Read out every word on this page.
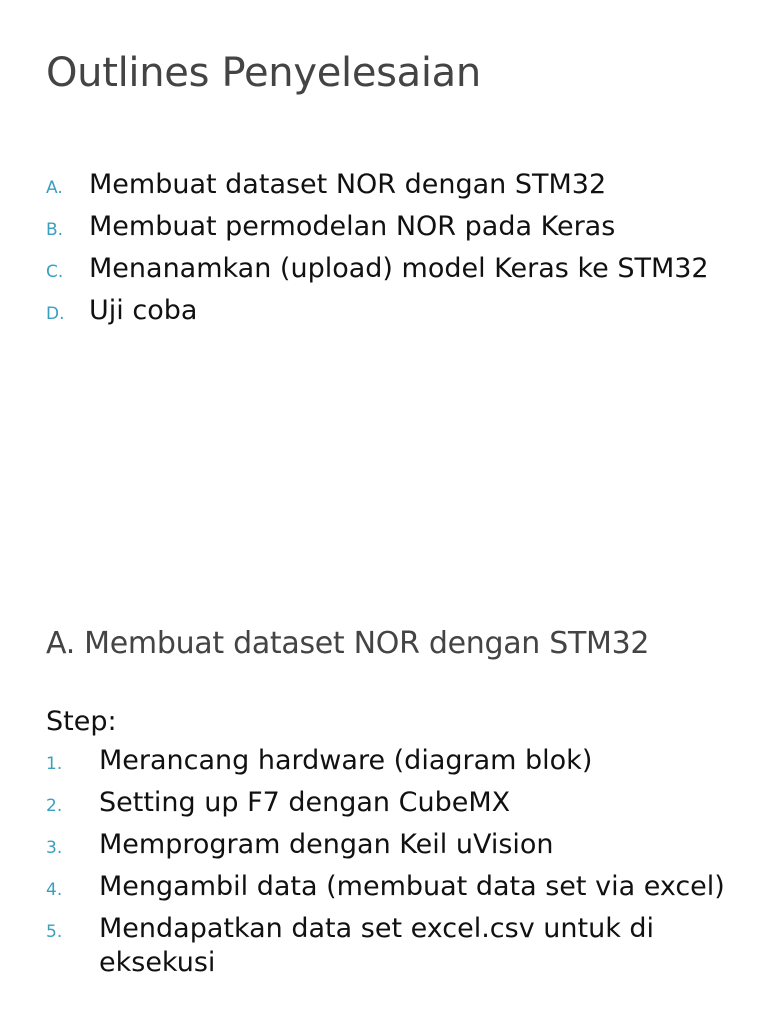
Outlines Penyelesaian
A. Membuat dataset NOR dengan STM32
B. Membuat permodelan NOR pada Keras
C. Menanamkan (upload) model Keras ke STM32
D. Uji coba
A. Membuat dataset NOR dengan STM32
Step:
1.	Merancang hardware (diagram blok)
2.	Setting up F7 dengan CubeMX
3.	Memprogram dengan Keil uVision
4.	Mengambil data (membuat data set via excel)
5.	Mendapatkan data set excel.csv untuk di eksekusi
